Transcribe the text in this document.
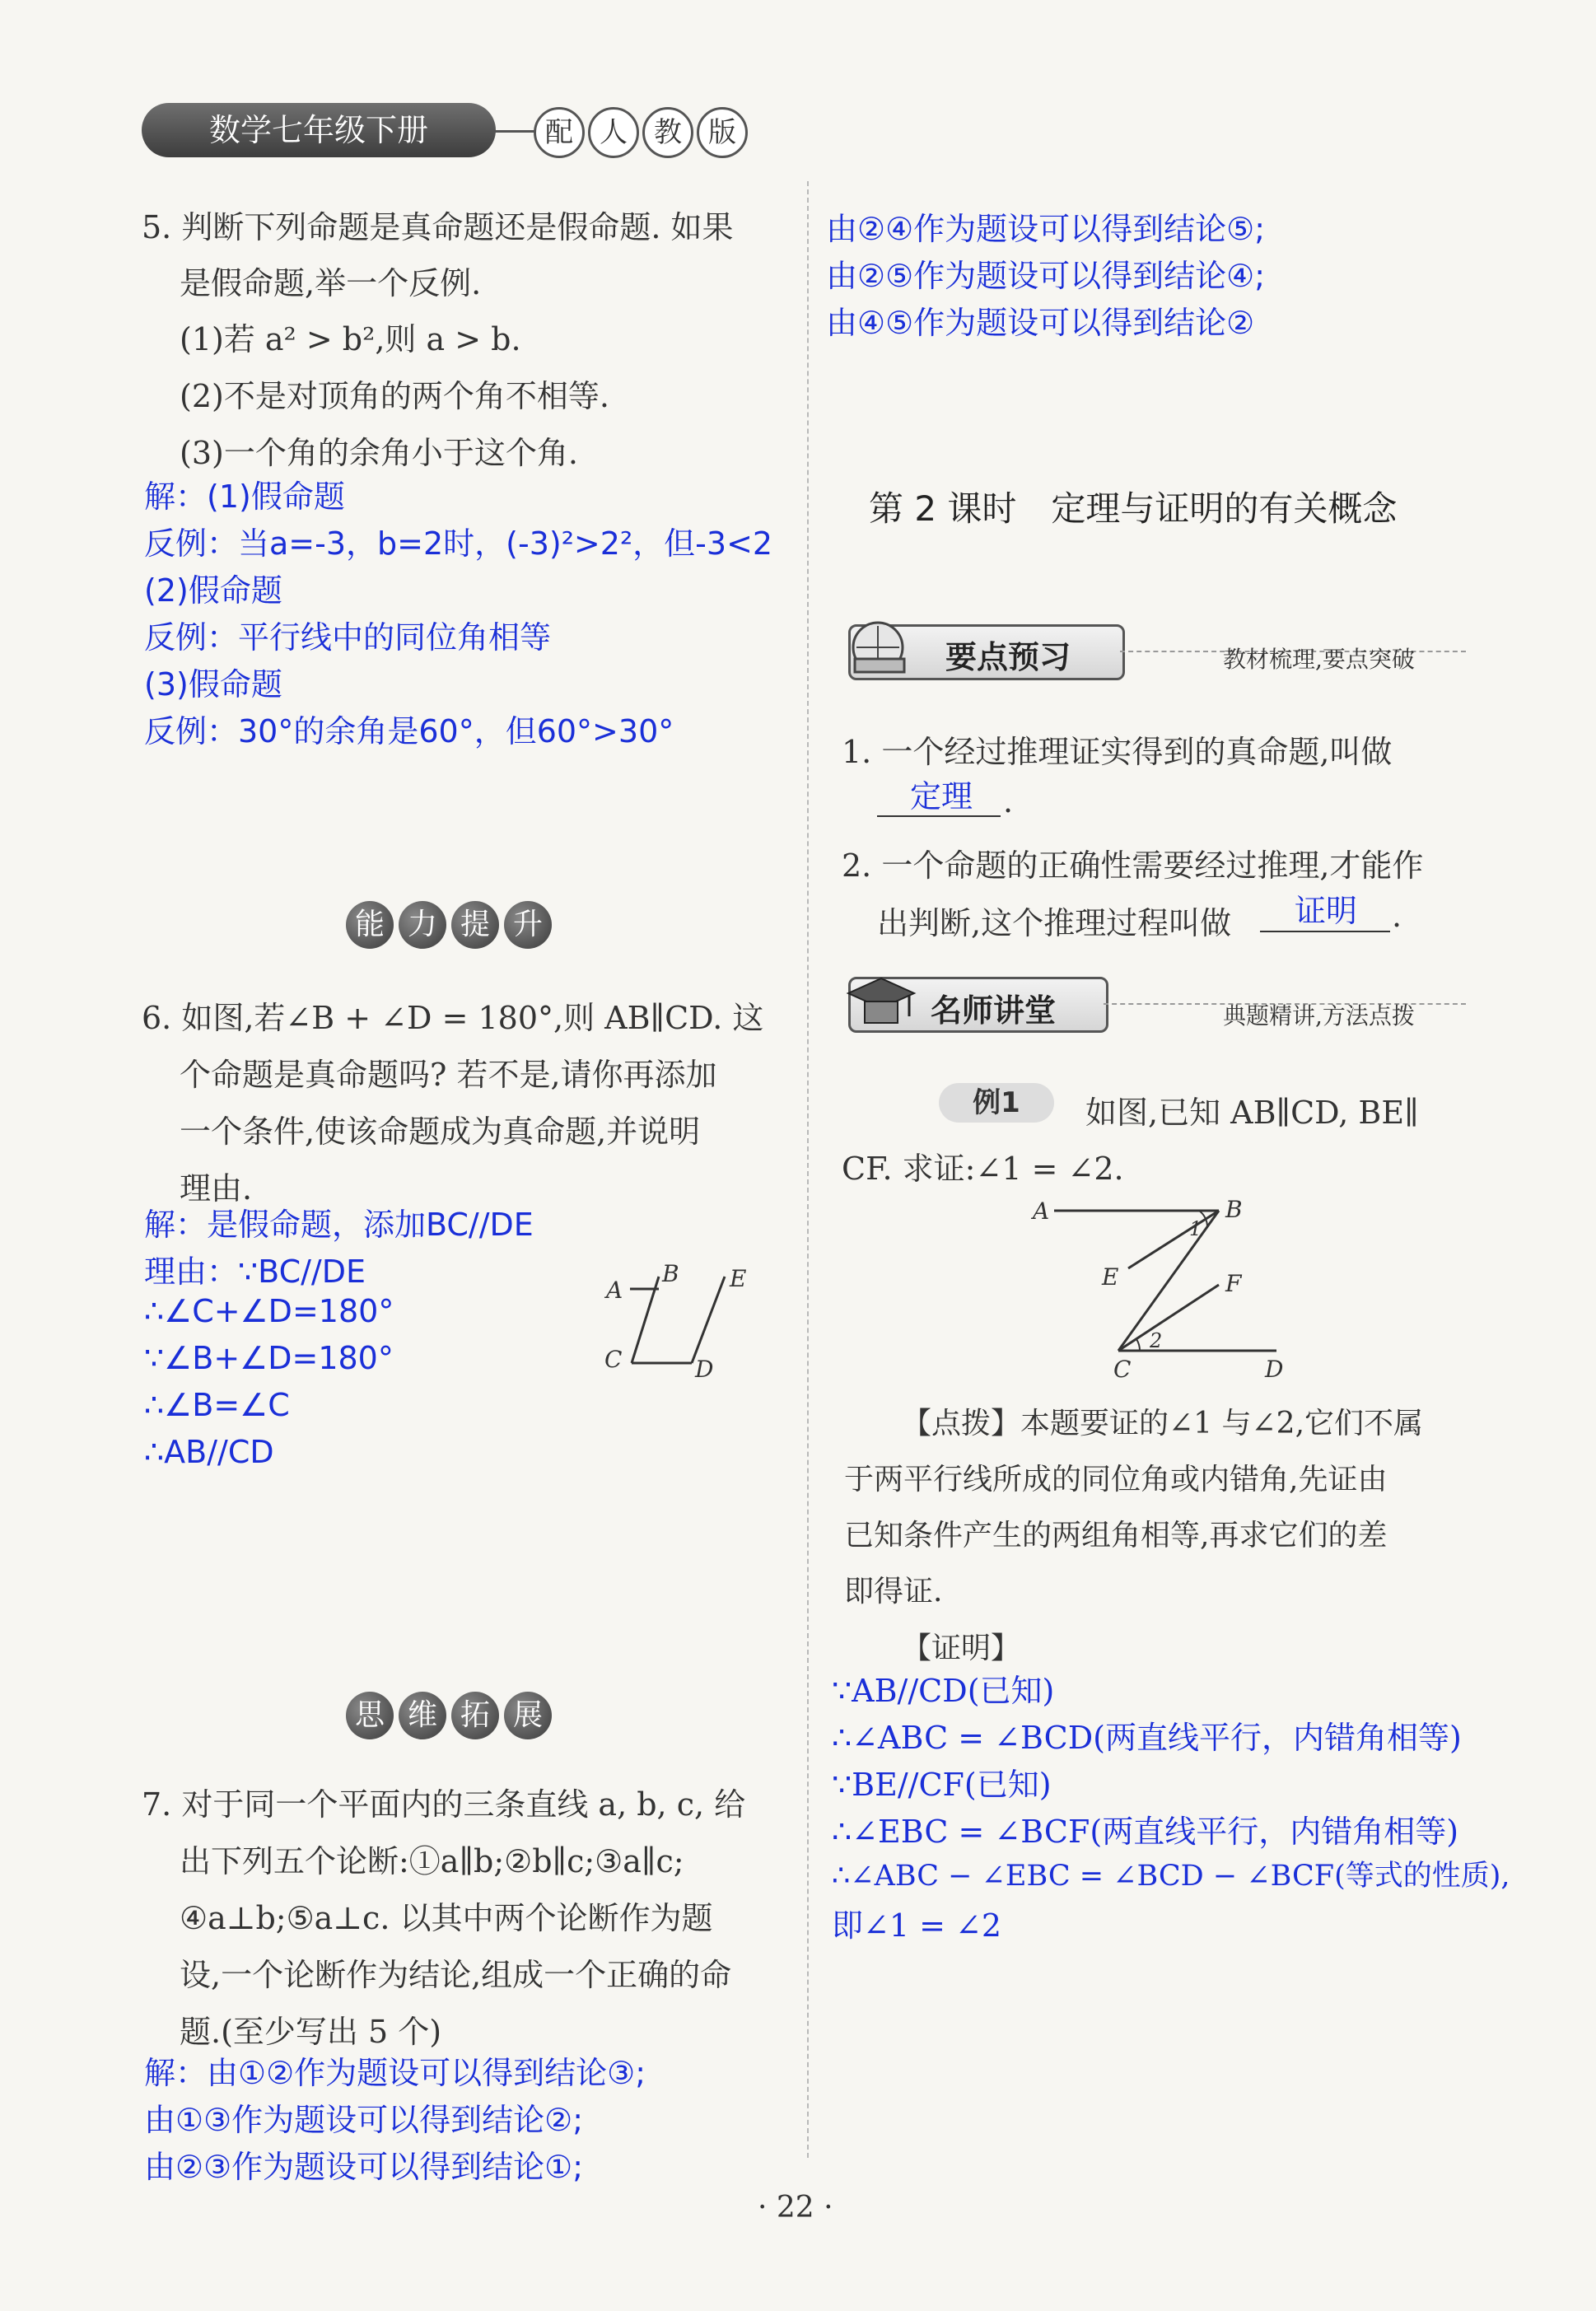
数学七年级下册	配 人 教 版
5. 判断下列命题是真命题还是假命题. 如果
是假命题,举一个反例.
(1)若 a² > b²,则 a > b.
(2)不是对顶角的两个角不相等.
(3)一个角的余角小于这个角.
解：(1)假命题
反例：当a=-3，b=2时，(-3)²>2²，但-3<2
(2)假命题
反例：平行线中的同位角相等
(3)假命题
反例：30°的余角是60°，但60°>30°
能 力 提 升
6. 如图,若∠B + ∠D = 180°,则 AB∥CD. 这
个命题是真命题吗? 若不是,请你再添加
一个条件,使该命题成为真命题,并说明
理由.
解：是假命题，添加BC//DE
理由：∵BC//DE
∴∠C+∠D=180°
∵∠B+∠D=180°
∴∠B=∠C
∴AB//CD
A
B E
C	D
思 维 拓 展
7. 对于同一个平面内的三条直线 a, b, c, 给
出下列五个论断:①a∥b;②b∥c;③a∥c;
④a⊥b;⑤a⊥c. 以其中两个论断作为题
设,一个论断作为结论,组成一个正确的命
题.(至少写出 5 个)
解：由①②作为题设可以得到结论③;
由①③作为题设可以得到结论②;
由②③作为题设可以得到结论①;
由②④作为题设可以得到结论⑤;
由②⑤作为题设可以得到结论④;
由④⑤作为题设可以得到结论②
第 2 课时　定理与证明的有关概念
要点预习	教材梳理,要点突破
1. 一个经过推理证实得到的真命题,叫做
定理 .
2. 一个命题的正确性需要经过推理,才能作
出判断,这个推理过程叫做 证明 .
名师讲堂	典题精讲,方法点拨
例1	如图,已知 AB∥CD, BE∥
CF. 求证:∠1 = ∠2.
A	B
E	F
C	D
1
2
【点拨】本题要证的∠1 与∠2,它们不属
于两平行线所成的同位角或内错角,先证由
已知条件产生的两组角相等,再求它们的差
即得证.
【证明】
∵AB//CD(已知)
∴∠ABC = ∠BCD(两直线平行，内错角相等)
∵BE//CF(已知)
∴∠EBC = ∠BCF(两直线平行，内错角相等)
∴∠ABC − ∠EBC = ∠BCD − ∠BCF(等式的性质),
即∠1 = ∠2
· 22 ·
